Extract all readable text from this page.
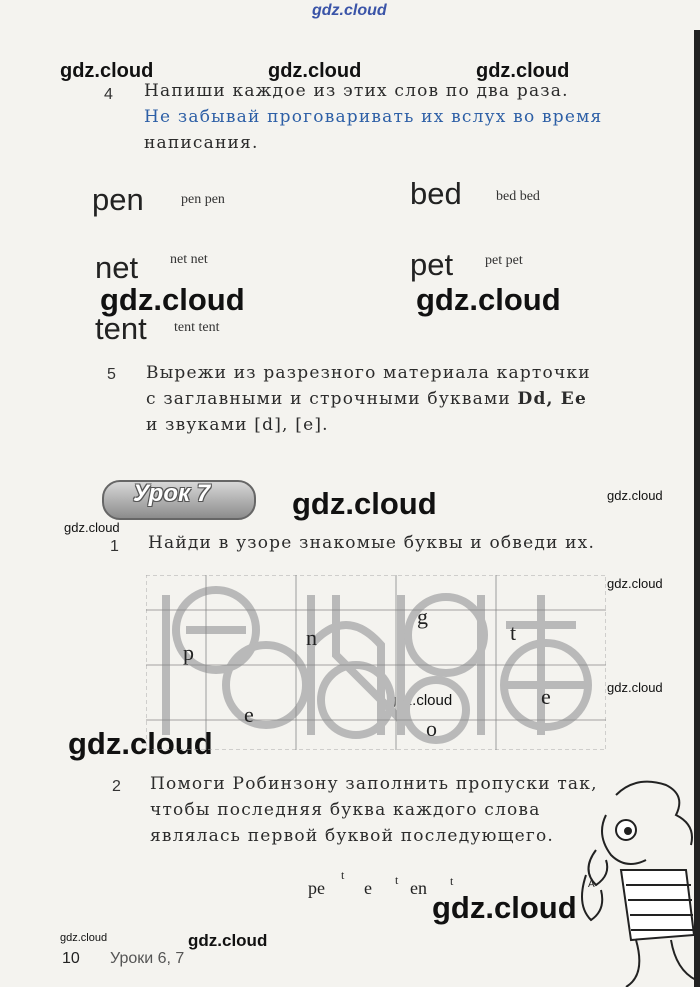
gdz.cloud
gdz.cloud	gdz.cloud	gdz.cloud
gdz.cloud	gdz.cloud
gdz.cloud	gdz.cloud
gdz.cloud
gdz.cloud
gdz.cloud
gdz.cloud
gdz.cloud
gdz.cloud
gdz.cloud	gdz.cloud
4 Напиши каждое из этих слов по два раза.
Не забывай проговаривать их вслух во время
написания.
pen	pen pen	bed bed bed
net net net	pet pet pet
tent tent tent
5 Вырежи из разрезного материала карточки
с заглавными и строчными буквами Dd, Ee
и звуками [d], [e].
Урок 7
1 Найди в узоре знакомые буквы и обведи их.
p
e
n
g
t
o
e
2 Помоги Робинзону заполнить пропуски так,
чтобы последняя буква каждого слова
являлась первой буквой последующего.
pe
t
e t en t	A
10 Уроки 6, 7
